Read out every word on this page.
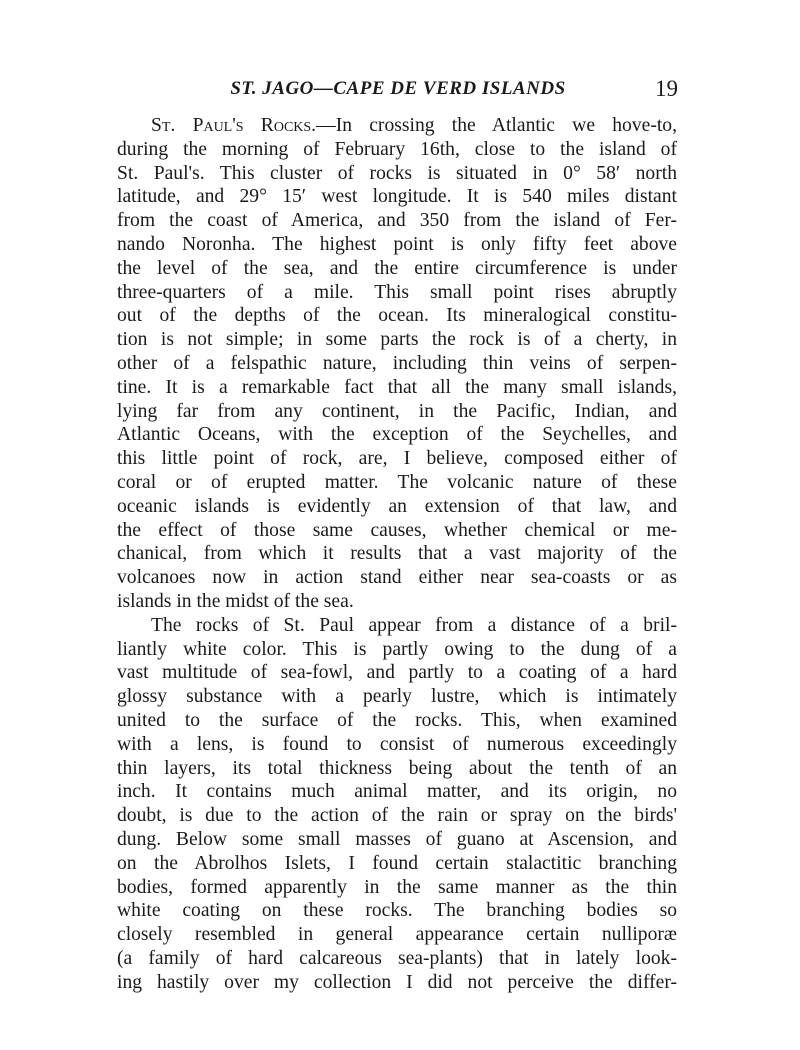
ST. JAGO—CAPE DE VERD ISLANDS	19
St. Paul's Rocks.—In crossing the Atlantic we hove-to,
during the morning of February 16th, close to the island of
St. Paul's. This cluster of rocks is situated in 0° 58′ north
latitude, and 29° 15′ west longitude. It is 540 miles distant
from the coast of America, and 350 from the island of Fer-
nando Noronha. The highest point is only fifty feet above
the level of the sea, and the entire circumference is under
three-quarters of a mile. This small point rises abruptly
out of the depths of the ocean. Its mineralogical constitu-
tion is not simple; in some parts the rock is of a cherty, in
other of a felspathic nature, including thin veins of serpen-
tine. It is a remarkable fact that all the many small islands,
lying far from any continent, in the Pacific, Indian, and
Atlantic Oceans, with the exception of the Seychelles, and
this little point of rock, are, I believe, composed either of
coral or of erupted matter. The volcanic nature of these
oceanic islands is evidently an extension of that law, and
the effect of those same causes, whether chemical or me-
chanical, from which it results that a vast majority of the
volcanoes now in action stand either near sea-coasts or as
islands in the midst of the sea.
The rocks of St. Paul appear from a distance of a bril-
liantly white color. This is partly owing to the dung of a
vast multitude of sea-fowl, and partly to a coating of a hard
glossy substance with a pearly lustre, which is intimately
united to the surface of the rocks. This, when examined
with a lens, is found to consist of numerous exceedingly
thin layers, its total thickness being about the tenth of an
inch. It contains much animal matter, and its origin, no
doubt, is due to the action of the rain or spray on the birds'
dung. Below some small masses of guano at Ascension, and
on the Abrolhos Islets, I found certain stalactitic branching
bodies, formed apparently in the same manner as the thin
white coating on these rocks. The branching bodies so
closely resembled in general appearance certain nulliporæ
(a family of hard calcareous sea-plants) that in lately look-
ing hastily over my collection I did not perceive the differ-
